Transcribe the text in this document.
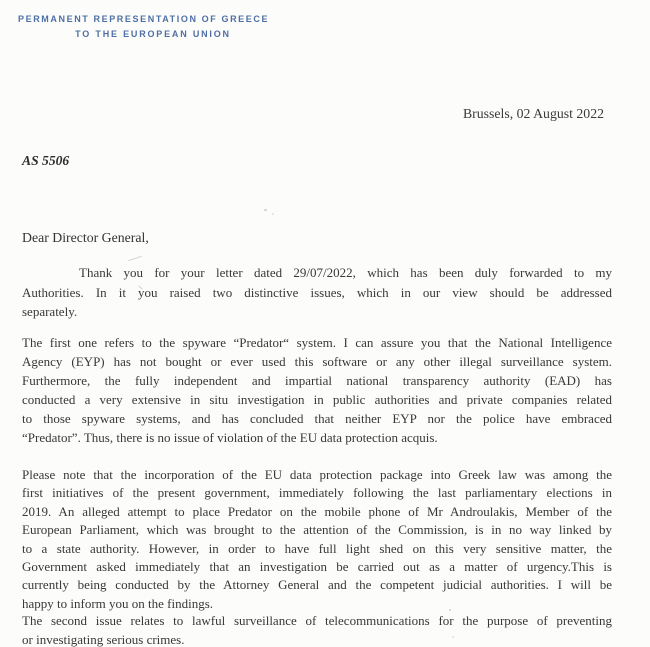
PERMANENT REPRESENTATION OF GREECE
TO THE EUROPEAN UNION
Brussels, 02 August 2022
AS 5506
Dear Director General,
Thank you for your letter dated 29/07/2022, which has been duly forwarded to my
Authorities. In it you raised two distinctive issues, which in our view should be addressed
separately.
The first one refers to the spyware “Predator“ system. I can assure you that the National Intelligence
Agency (EYP) has not bought or ever used this software or any other illegal surveillance system.
Furthermore, the fully independent and impartial national transparency authority (EAD) has
conducted a very extensive in situ investigation in public authorities and private companies related
to those spyware systems, and has concluded that neither EYP nor the police have embraced
“Predator”. Thus, there is no issue of violation of the EU data protection acquis.
Please note that the incorporation of the EU data protection package into Greek law was among the
first initiatives of the present government, immediately following the last parliamentary elections in
2019. An alleged attempt to place Predator on the mobile phone of Mr Androulakis, Member of the
European Parliament, which was brought to the attention of the Commission, is in no way linked by
to a state authority. However, in order to have full light shed on this very sensitive matter, the
Government asked immediately that an investigation be carried out as a matter of urgency.This is
currently being conducted by the Attorney General and the competent judicial authorities. I will be
happy to inform you on the findings.
The second issue relates to lawful surveillance of telecommunications for the purpose of preventing
or investigating serious crimes.
